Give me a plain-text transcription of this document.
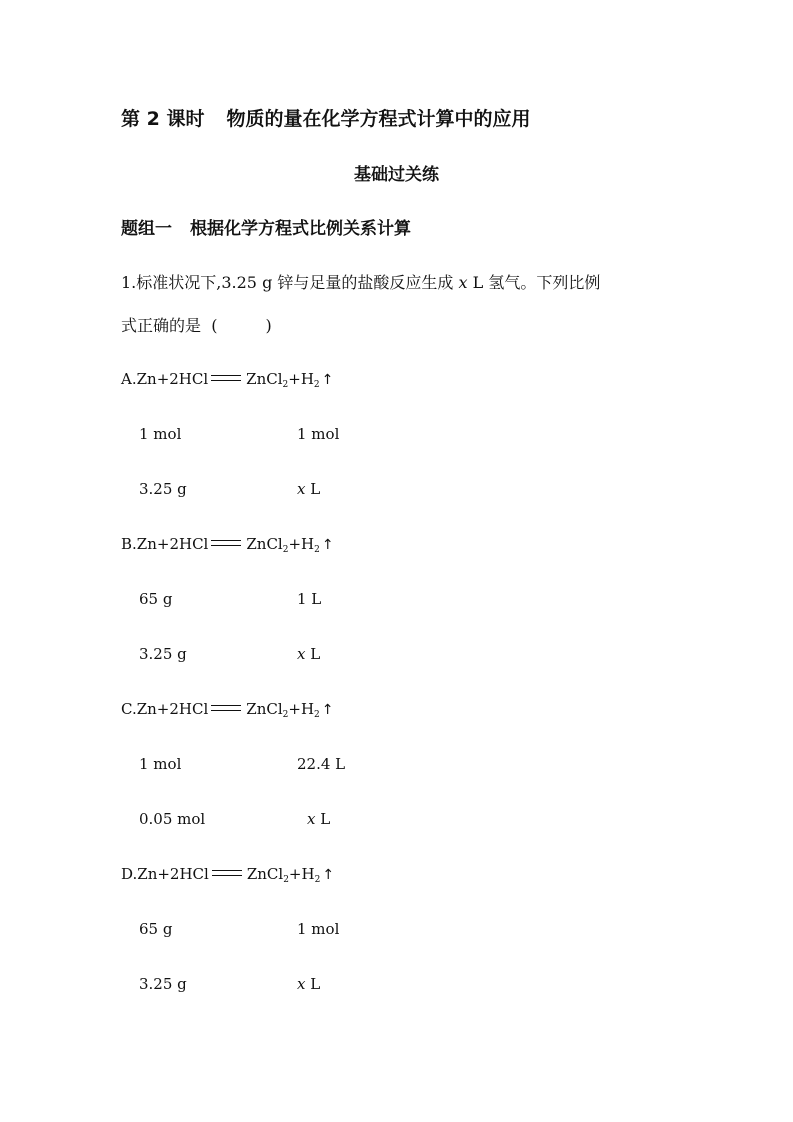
第 2 课时 物质的量在化学方程式计算中的应用
基础过关练
题组一 根据化学方程式比例关系计算
1.标准状况下,3.25 g 锌与足量的盐酸反应生成 x L 氢气。下列比例
式正确的是 (	)
A.Zn+2HCl	$ZnCl_2+H_2$ ↑
1 mol	1 mol
3.25 g	x L
B.Zn+2HCl	$ZnCl_2+H_2$ ↑
65 g	1 L
3.25 g	x L
C.Zn+2HCl	$ZnCl_2+H_2$ ↑
1 mol	22.4 L
0.05 mol	x L
D.Zn+2HCl	$ZnCl_2+H_2$ ↑
65 g	1 mol
3.25 g	x L
